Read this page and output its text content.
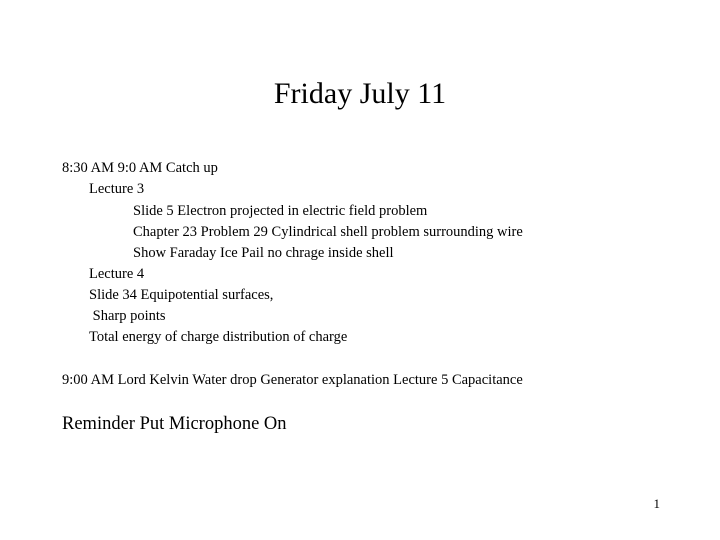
Friday July 11
8:30 AM 9:0 AM Catch up
Lecture 3
Slide 5 Electron projected in electric field problem
Chapter 23 Problem 29 Cylindrical shell problem surrounding wire
Show Faraday Ice Pail no chrage inside shell
Lecture 4
Slide 34 Equipotential surfaces,
Sharp points
Total energy of charge distribution of charge
9:00 AM Lord Kelvin Water drop Generator explanation Lecture 5 Capacitance
Reminder Put Microphone On
1
